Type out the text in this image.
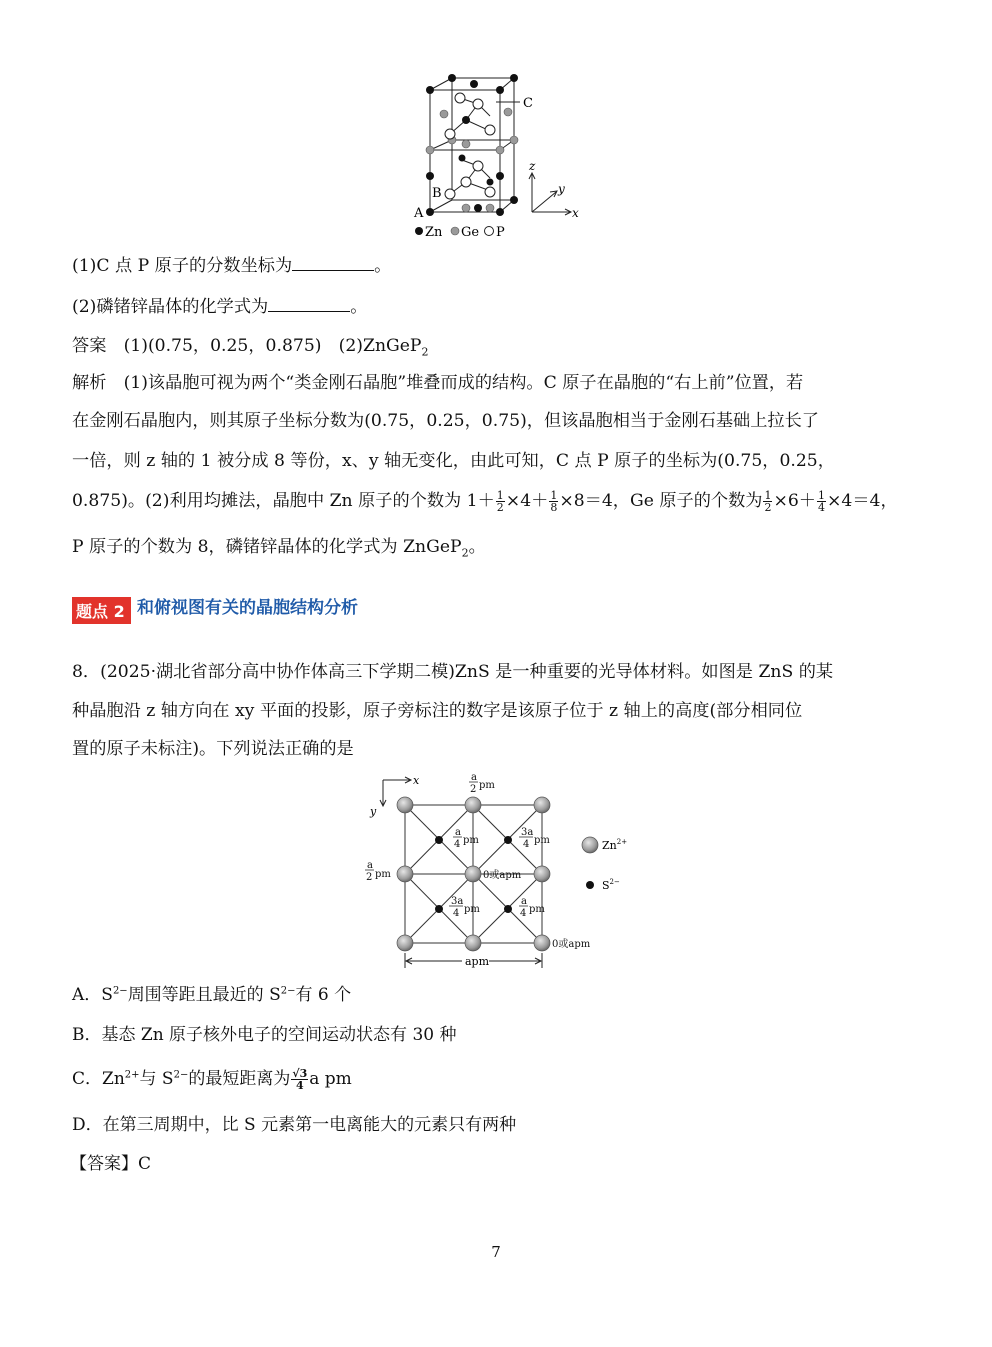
C
A
B
z
y
x
Zn Ge P
(1)C 点 P 原子的分数坐标为	。
(2)磷锗锌晶体的化学式为	。
答案　 (1)(0.75，0.25，0.875)　(2)ZnGeP$_2$
解析　(1)该晶胞可视为两个“类金刚石晶胞”堆叠而成的结构。C 原子在晶胞的“右上前”位置，若
在金刚石晶胞内，则其原子坐标分数为(0.75，0.25，0.75)，但该晶胞相当于金刚石基础上拉长了
一倍，则 z 轴的 1 被分成 8 等份，x、y 轴无变化，由此可知，C 点 P 原子的坐标为(0.75，0.25，
0.875)。(2)利用均摊法，晶胞中 Zn 原子的个数为 $1+ \frac{1}{2} \times 4+ \frac{1}{8} \times 8=4$，Ge 原子的个数为 $\frac{1}{2} \times 6+ \frac{1}{4} \times 4=4$，
P 原子的个数为 8，磷锗锌晶体的化学式为 ZnGeP$_2$。
题点 2 和俯视图有关的晶胞结构分析
8．(2025·湖北省部分高中协作体高三下学期二模)ZnS 是一种重要的光导体材料。如图是 ZnS 的某
种晶胞沿 z 轴方向在 xy 平面的投影，原子旁标注的数字是该原子位于 z 轴上的高度(部分相同位
置的原子未标注)。下列说法正确的是
x
y
a
2 pm
a
2 pm
a
4 pm
3a
4 pm
3a
4 pm
a
4 pm
0或apm
0或apm
apm
$Zn^{2+}$
$S^{2-}$
A．$S^{2-}$周围等距且最近的 $S^{2-}$有 6 个
B．基态 Zn 原子核外电子的空间运动状态有 30 种
C．$Zn^{2+}$与 $S^{2-}$的最短距离为 $\frac{√3}{4}$ a pm
D．在第三周期中，比 S 元素第一电离能大的元素只有两种
【答案】C
7
